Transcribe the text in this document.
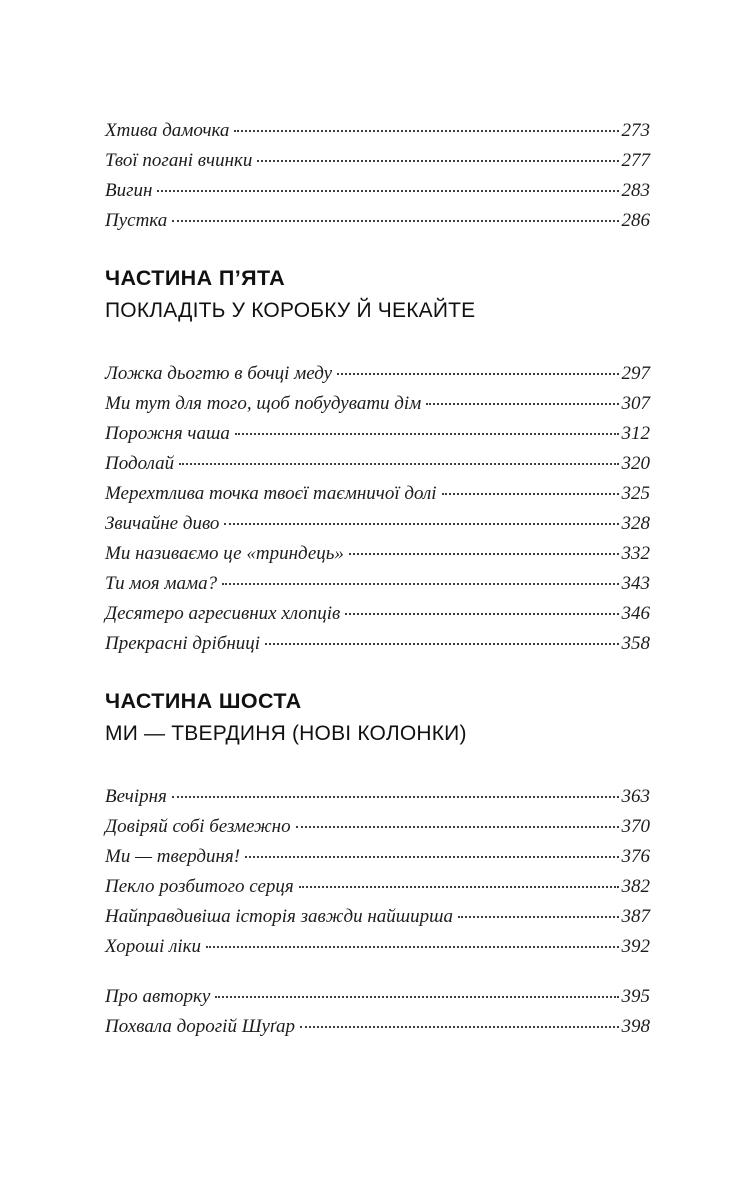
Хтива дамочка	273
Твої погані вчинки	277
Вигин	283
Пустка	286
ЧАСТИНА П’ЯТА
ПОКЛАДІТЬ У КОРОБКУ Й ЧЕКАЙТЕ
Ложка дьогтю в бочці меду	297
Ми тут для того, щоб побудувати дім	307
Порожня чаша	312
Подолай	320
Мерехтлива точка твоєї таємничої долі	325
Звичайне диво	328
Ми називаємо це «триндець»	332
Ти моя мама?	343
Десятеро агресивних хлопців	346
Прекрасні дрібниці	358
ЧАСТИНА ШОСТА
МИ — ТВЕРДИНЯ (НОВІ КОЛОНКИ)
Вечірня	363
Довіряй собі безмежно	370
Ми — твердиня!	376
Пекло розбитого серця	382
Найправдивіша історія завжди найширша	387
Хороші ліки	392
Про авторку	395
Похвала дорогій Шуґар	398
